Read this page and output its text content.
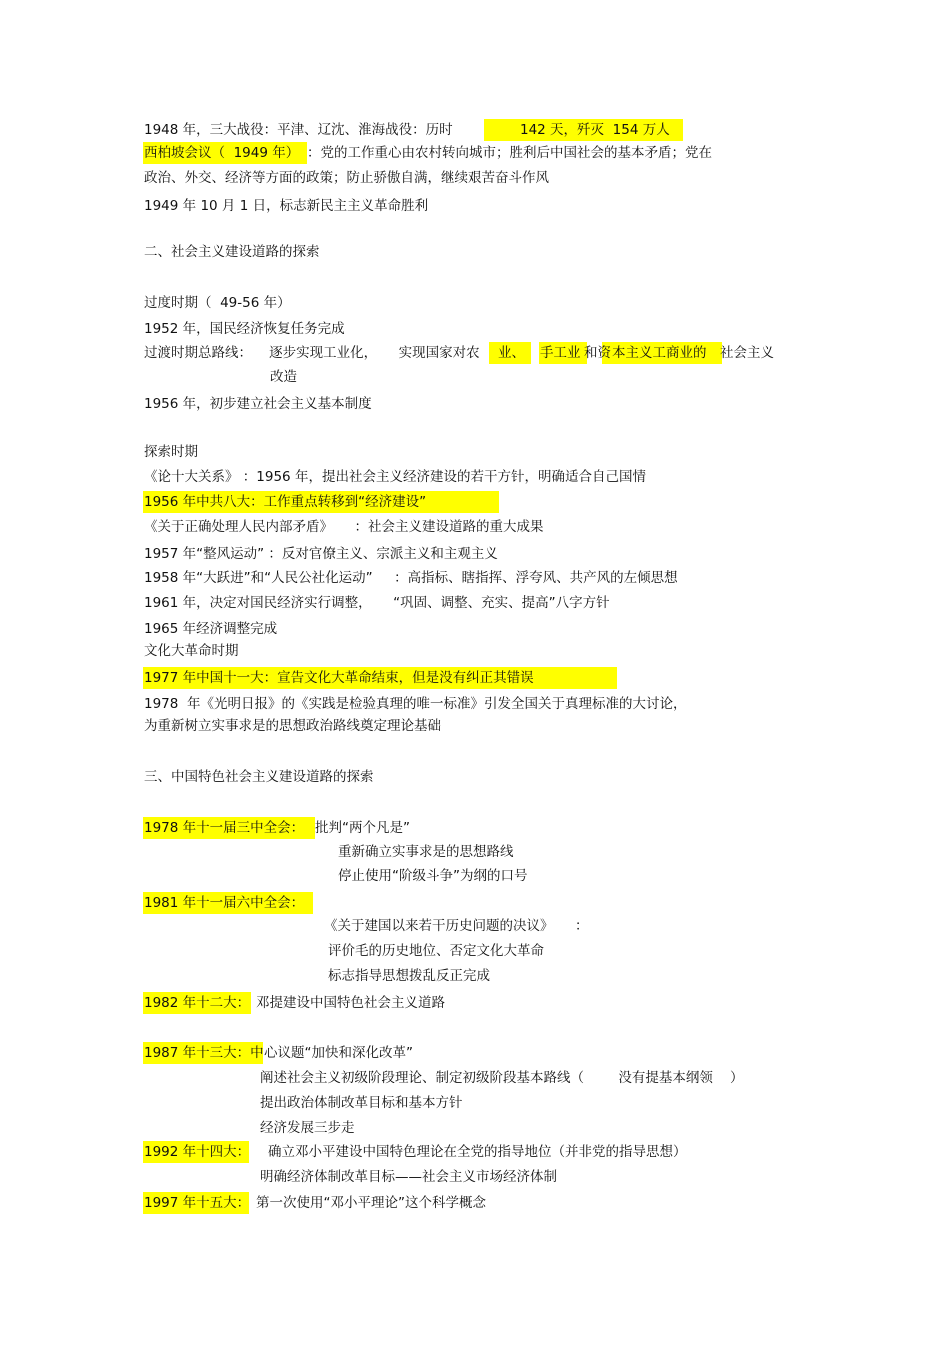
1948 年，三大战役：平津、辽沈、淮海战役：历时	142 天，歼灭  154 万人
西柏坡会议（  1949 年） ：党的工作重心由农村转向城市；胜利后中国社会的基本矛盾；党在
政治、外交、经济等方面的政策；防止骄傲自满，继续艰苦奋斗作风
1949 年 10 月 1 日，标志新民主主义革命胜利
二、社会主义建设道路的探索
过度时期（  49-56 年）
1952 年，国民经济恢复任务完成
过渡时期总路线：    逐步实现工业化，     实现国家对农 业、 手工业 和资 本主义工商业的 社会主义
改造
1956 年，初步建立社会主义基本制度
探索时期
《论十大关系》 ：1956 年，提出社会主义经济建设的若干方针，明确适合自己国情
1956 年中共八大：工作重点转移到“经济建设”
《关于正确处理人民内部矛盾》     ：社会主义建设道路的重大成果
1957 年“整风运动” ：反对官僚主义、宗派主义和主观主义
1958 年“大跃进”和“人民公社化运动”     ：高指标、瞎指挥、浮夸风、共产风的左倾思想
1961 年，决定对国民经济实行调整，     “巩固、调整、充实、提高”八字方针
1965 年经济调整完成
文化大革命时期
1977 年中国十一大：宣告文化大革命结束，但是没有纠正其错误
1978  年《光明日报》的《实践是检验真理的唯一标准》引发全国关于真理标准的大讨论，
为重新树立实事求是的思想政治路线奠定理论基础
三、中国特色社会主义建设道路的探索
1978 年十一届三中全会： 批判“两个凡是”
重新确立实事求是的思想路线
停止使用“阶级斗争”为纲的口号
1981 年十一届六中全会：
《关于建国以来若干历史问题的决议》     ：
评价毛的历史地位、否定文化大革命
标志指导思想拨乱反正完成
1982 年十二大： 邓提建设中国特色社会主义道路
1987 年十三大：中 心议题“加快和深化改革”
阐述社会主义初级阶段理论、制定初级阶段基本路线（        没有提基本纲领    ）
提出政治体制改革目标和基本方针
经济发展三步走
1992 年十四大： 确立邓小平建设中国特色理论在全党的指导地位（并非党的指导思想）
明确经济体制改革目标——社会主义市场经济体制
1997 年十五大： 第一次使用“邓小平理论”这个科学概念
